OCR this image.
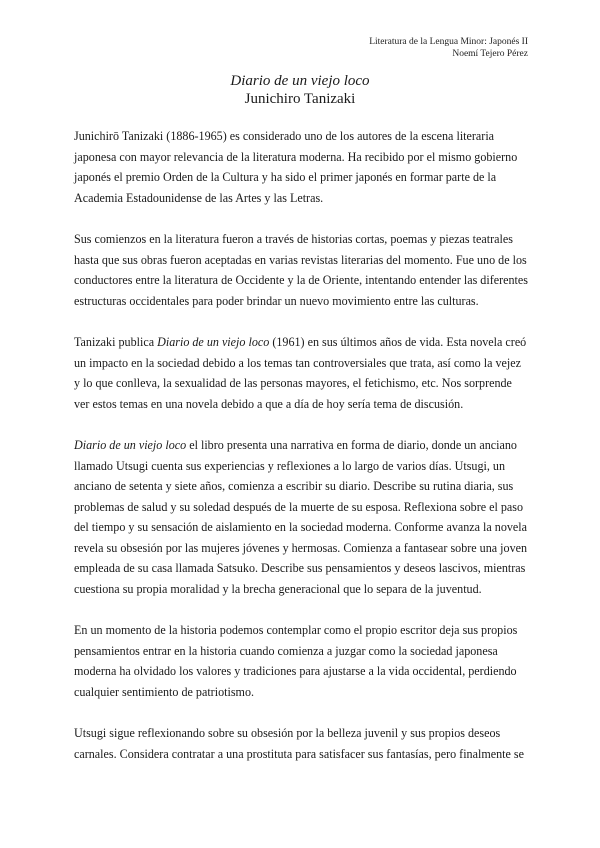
Literatura de la Lengua Minor: Japonés II
Noemí Tejero Pérez
Diario de un viejo loco
Junichiro Tanizaki

Junichirō Tanizaki (1886-1965) es considerado uno de los autores de la escena literaria japonesa con mayor relevancia de la literatura moderna. Ha recibido por el mismo gobierno japonés el premio Orden de la Cultura y ha sido el primer japonés en formar parte de la Academia Estadounidense de las Artes y las Letras.

Sus comienzos en la literatura fueron a través de historias cortas, poemas y piezas teatrales hasta que sus obras fueron aceptadas en varias revistas literarias del momento. Fue uno de los conductores entre la literatura de Occidente y la de Oriente, intentando entender las diferentes estructuras occidentales para poder brindar un nuevo movimiento entre las culturas.

Tanizaki publica Diario de un viejo loco (1961) en sus últimos años de vida. Esta novela creó un impacto en la sociedad debido a los temas tan controversiales que trata, así como la vejez y lo que conlleva, la sexualidad de las personas mayores, el fetichismo, etc. Nos sorprende ver estos temas en una novela debido a que a día de hoy sería tema de discusión.

Diario de un viejo loco el libro presenta una narrativa en forma de diario, donde un anciano llamado Utsugi cuenta sus experiencias y reflexiones a lo largo de varios días. Utsugi, un anciano de setenta y siete años, comienza a escribir su diario. Describe su rutina diaria, sus problemas de salud y su soledad después de la muerte de su esposa. Reflexiona sobre el paso del tiempo y su sensación de aislamiento en la sociedad moderna. Conforme avanza la novela revela su obsesión por las mujeres jóvenes y hermosas. Comienza a fantasear sobre una joven empleada de su casa llamada Satsuko. Describe sus pensamientos y deseos lascivos, mientras cuestiona su propia moralidad y la brecha generacional que lo separa de la juventud.

En un momento de la historia podemos contemplar como el propio escritor deja sus propios pensamientos entrar en la historia cuando comienza a juzgar como la sociedad japonesa moderna ha olvidado los valores y tradiciones para ajustarse a la vida occidental, perdiendo cualquier sentimiento de patriotismo.

Utsugi sigue reflexionando sobre su obsesión por la belleza juvenil y sus propios deseos carnales. Considera contratar a una prostituta para satisfacer sus fantasías, pero finalmente se
